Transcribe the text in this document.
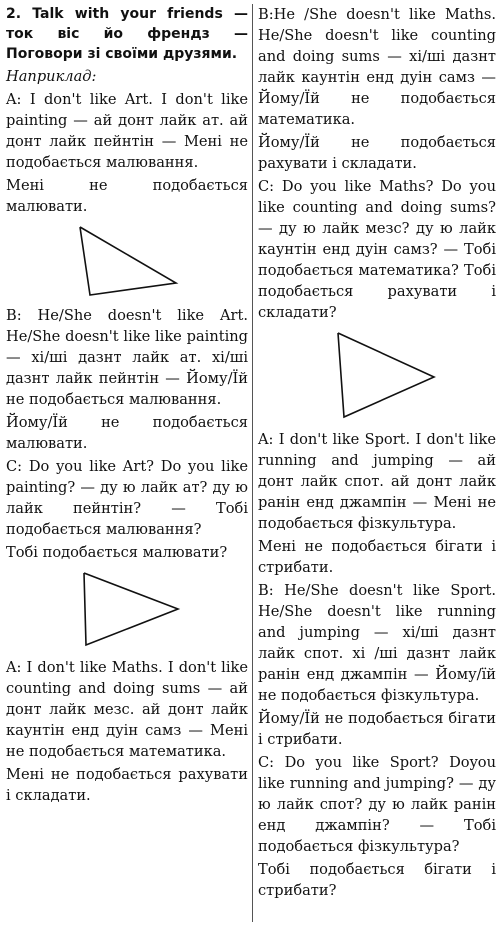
2. Talk with your friends — ток віс йо френдз — Поговори зі своїми друзями.

Наприклад:

A: I don't like Art. I don't like painting — ай донт лайк ат. ай донт лайк пейнтін — Мені не подобається малювання.

Мені не подобається малювати.

B: He/She doesn't like Art. He/She doesn't like like painting — хі/ші дазнт лайк ат. хі/ші дазнт лайк пейнтін — Йому/Їй не подобається малювання.

Йому/Їй не подобається малювати.

C: Do you like Art? Do you like painting? — ду ю лайк ат? ду ю лайк пейнтін? — Тобі подобається малювання?

Тобі подобається малювати?

A: I don't like Maths. I don't like counting and doing sums — ай донт лайк мезс. ай донт лайк каунтін енд дуін самз — Мені не подобається математика.

Мені не подобається рахувати і складати.

B:He /She doesn't like Maths. He/She doesn't like counting and doing sums — хі/ші дазнт лайк каунтін енд дуін самз — Йому/Їй не подобається математика.

Йому/Їй не подобається рахувати і складати.

C: Do you like Maths? Do you like counting and doing sums? — ду ю лайк мезс? ду ю лайк каунтін енд дуін самз? — Тобі подобається математика? Тобі подобається рахувати і складати?

A: I don't like Sport. I don't like running and jumping — ай донт лайк спот. ай донт лайк ранін енд джампін — Мені не подобається фізкультура.

Мені не подобається бігати і стрибати.

B: He/She doesn't like Sport. He/She doesn't like running and jumping — хі/ші дазнт лайк спот. хі /ші дазнт лайк ранін енд джампін — Йому/їй не подобається фізкультура.

Йому/Їй не подобається бігати і стрибати.

C: Do you like Sport? Doyou like running and jumping? — ду ю лайк спот? ду ю лайк ранін енд джампін? — Тобі подобається фізкультура?

Тобі подобається бігати і стрибати?
